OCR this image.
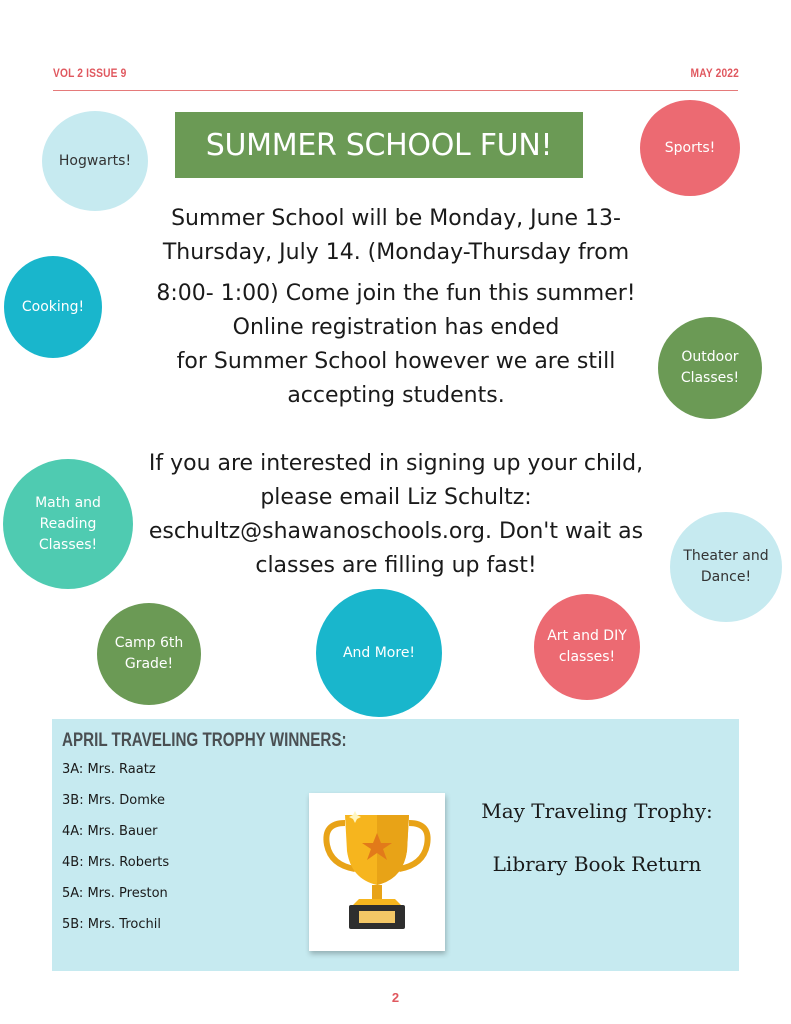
VOL 2 ISSUE 9	MAY 2022
SUMMER SCHOOL FUN!
Summer School will be Monday, June 13-
Thursday, July 14. (Monday-Thursday from
8:00- 1:00) Come join the fun this summer!
Online registration has ended
for Summer School however we are still
accepting students.
If you are interested in signing up your child,
please email Liz Schultz:
eschultz@shawanoschools.org. Don't wait as
classes are filling up fast!
Hogwarts!
Sports!
Cooking!
Outdoor
Classes!
Math and
Reading
Classes!
Theater and
Dance!
Camp 6th
Grade!
And More!
Art and DIY
classes!
APRIL TRAVELING TROPHY WINNERS:
3A: Mrs. Raatz
3B: Mrs. Domke
4A: Mrs. Bauer
4B: Mrs. Roberts
5A: Mrs. Preston
5B: Mrs. Trochil
May Traveling Trophy:
Library Book Return
2
